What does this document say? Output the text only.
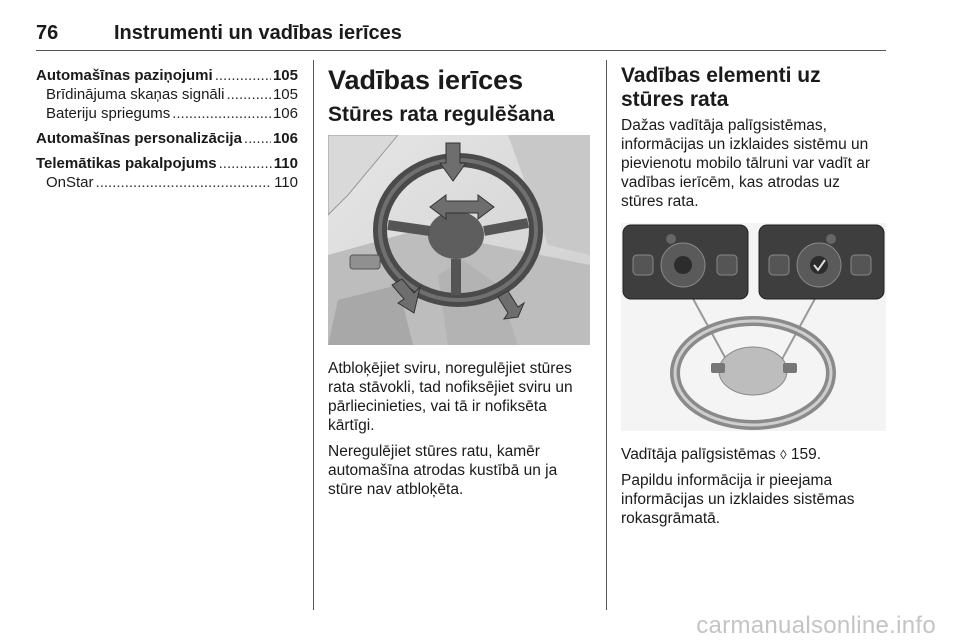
76	Instrumenti un vadības ierīces
Automašīnas paziņojumi .....	105
Brīdinājuma skaņas signāli .....	105
Bateriju spriegums .....	106
Automašīnas personalizācija ..... 106
Telemātikas pakalpojums .....	110
OnStar .....	110
Vadības ierīces
Stūres rata regulēšana

Atbloķējiet sviru, noregulējiet stūres rata stāvokli, tad nofiksējiet sviru un pārliecinieties, vai tā ir nofiksēta kārtīgi.

Neregulējiet stūres ratu, kamēr automašīna atrodas kustībā un ja stūre nav atbloķēta.

Vadības elementi uz stūres rata

Dažas vadītāja palīgsistēmas, informācijas un izklaides sistēmu un pievienotu mobilo tālruni var vadīt ar vadības ierīcēm, kas atrodas uz stūres rata.

Vadītāja palīgsistēmas ◊ 159.

Papildu informācija ir pieejama informācijas un izklaides sistēmas rokasgrāmatā.

carmanualsonline.info
